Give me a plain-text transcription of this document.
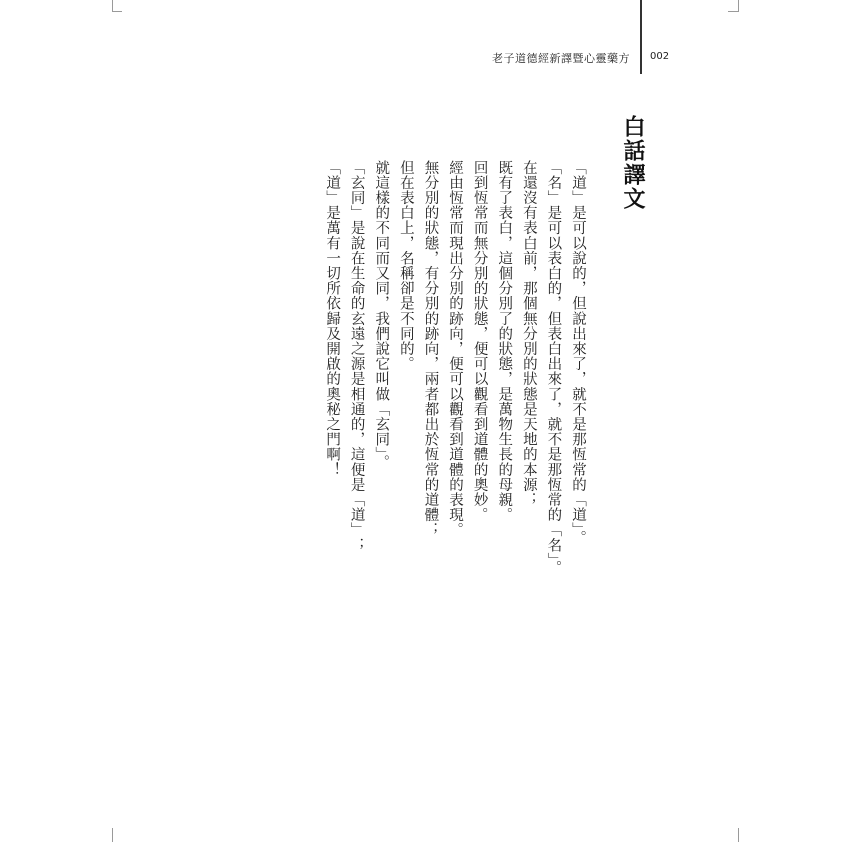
老子道德經新譯暨心靈藥方 002
白話譯文

「道」是可以說的，但說出來了，就不是那恆常的「道」。

「名」是可以表白的，但表白出來了，就不是那恆常的「名」。

在還沒有表白前，那個無分別的狀態是天地的本源；

既有了表白，這個分別了的狀態，是萬物生長的母親。

回到恆常而無分別的狀態，便可以觀看到道體的奧妙。

經由恆常而現出分別的跡向，便可以觀看到道體的表現。

無分別的狀態，有分別的跡向，兩者都出於恆常的道體；

但在表白上，名稱卻是不同的。

就這樣的不同而又同，我們說它叫做「玄同」。

「玄同」是說在生命的玄遠之源是相通的，這便是「道」；

「道」是萬有一切所依歸及開啟的奧秘之門啊！
